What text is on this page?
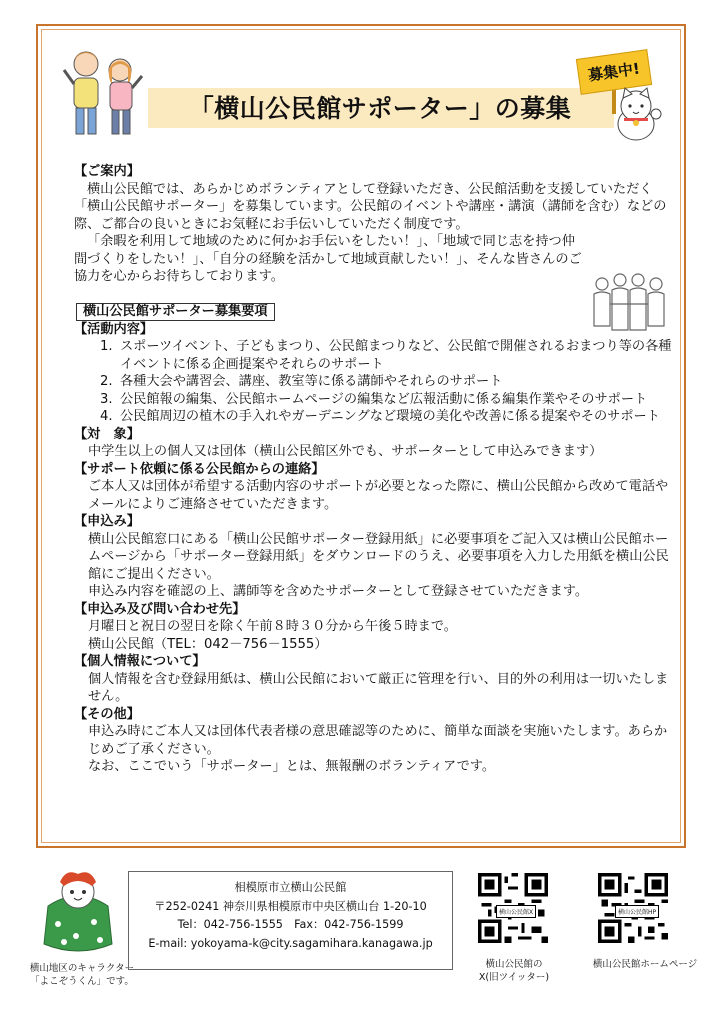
「横山公民館サポーター」の募集
募集中!

【ご案内】

横山公民館では、あらかじめボランティアとして登録いただき、公民館活動を支援していただく「横山公民館サポーター」を募集しています。公民館のイベントや講座・講演（講師を含む）などの際、ご都合の良いときにお気軽にお手伝いしていただく制度です。

「余暇を利用して地域のために何かお手伝いをしたい！」、「地域で同じ志を持つ仲間づくりをしたい！」、「自分の経験を活かして地域貢献したい！」、そんな皆さんのご協力を心からお待ちしております。

横山公民館サポーター募集要項

【活動内容】

1. スポーツイベント、子どもまつり、公民館まつりなど、公民館で開催されるおまつり等の各種イベントに係る企画提案やそれらのサポート
2. 各種大会や講習会、講座、教室等に係る講師やそれらのサポート
3. 公民館報の編集、公民館ホームページの編集など広報活動に係る編集作業やそのサポート
4. 公民館周辺の植木の手入れやガーデニングなど環境の美化や改善に係る提案やそのサポート

【対　象】

中学生以上の個人又は団体（横山公民館区外でも、サポーターとして申込みできます）

【サポート依頼に係る公民館からの連絡】

ご本人又は団体が希望する活動内容のサポートが必要となった際に、横山公民館から改めて電話やメールによりご連絡させていただきます。

【申込み】

横山公民館窓口にある「横山公民館サポーター登録用紙」に必要事項をご記入又は横山公民館ホームページから「サポーター登録用紙」をダウンロードのうえ、必要事項を入力した用紙を横山公民館にご提出ください。

申込み内容を確認の上、講師等を含めたサポーターとして登録させていただきます。

【申込み及び問い合わせ先】

月曜日と祝日の翌日を除く午前８時３０分から午後５時まで。

横山公民館（TEL：042－756－1555）

【個人情報について】

個人情報を含む登録用紙は、横山公民館において厳正に管理を行い、目的外の利用は一切いたしません。

【その他】

申込み時にご本人又は団体代表者様の意思確認等のために、簡単な面談を実施いたします。あらかじめご了承ください。

なお、ここでいう「サポーター」とは、無報酬のボランティアです。

横山地区のキャラクター
「よこぞうくん」です。
相模原市立横山公民館
〒252-0241 神奈川県相模原市中央区横山台 1-20-10
Tel：042-756-1555　Fax：042-756-1599
E-mail: yokoyama-k@city.sagamihara.kanagawa.jp
横山公民館X
横山公民館の
X(旧ツイッター)
横山公民館HP
横山公民館ホームページ
